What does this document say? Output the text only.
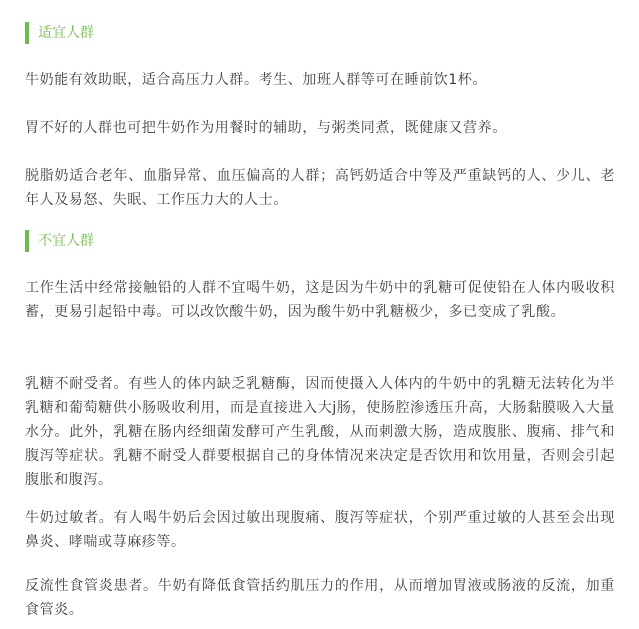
适宜人群

牛奶能有效助眠，适合高压力人群。考生、加班人群等可在睡前饮1杯。

胃不好的人群也可把牛奶作为用餐时的辅助，与粥类同煮，既健康又营养。

脱脂奶适合老年、血脂异常、血压偏高的人群；高钙奶适合中等及严重缺钙的人、少儿、老年人及易怒、失眠、工作压力大的人士。

不宜人群

工作生活中经常接触铅的人群不宜喝牛奶，这是因为牛奶中的乳糖可促使铅在人体内吸收积蓄，更易引起铅中毒。可以改饮酸牛奶，因为酸牛奶中乳糖极少，多已变成了乳酸。

乳糖不耐受者。有些人的体内缺乏乳糖酶，因而使摄入人体内的牛奶中的乳糖无法转化为半乳糖和葡萄糖供小肠吸收利用，而是直接进入大j肠，使肠腔渗透压升高，大肠黏膜吸入大量水分。此外，乳糖在肠内经细菌发酵可产生乳酸，从而刺激大肠，造成腹胀、腹痛、排气和腹泻等症状。乳糖不耐受人群要根据自己的身体情况来决定是否饮用和饮用量，否则会引起腹胀和腹泻。

牛奶过敏者。有人喝牛奶后会因过敏出现腹痛、腹泻等症状，个别严重过敏的人甚至会出现鼻炎、哮喘或荨麻疹等。

反流性食管炎患者。牛奶有降低食管括约肌压力的作用，从而增加胃液或肠液的反流，加重食管炎。
